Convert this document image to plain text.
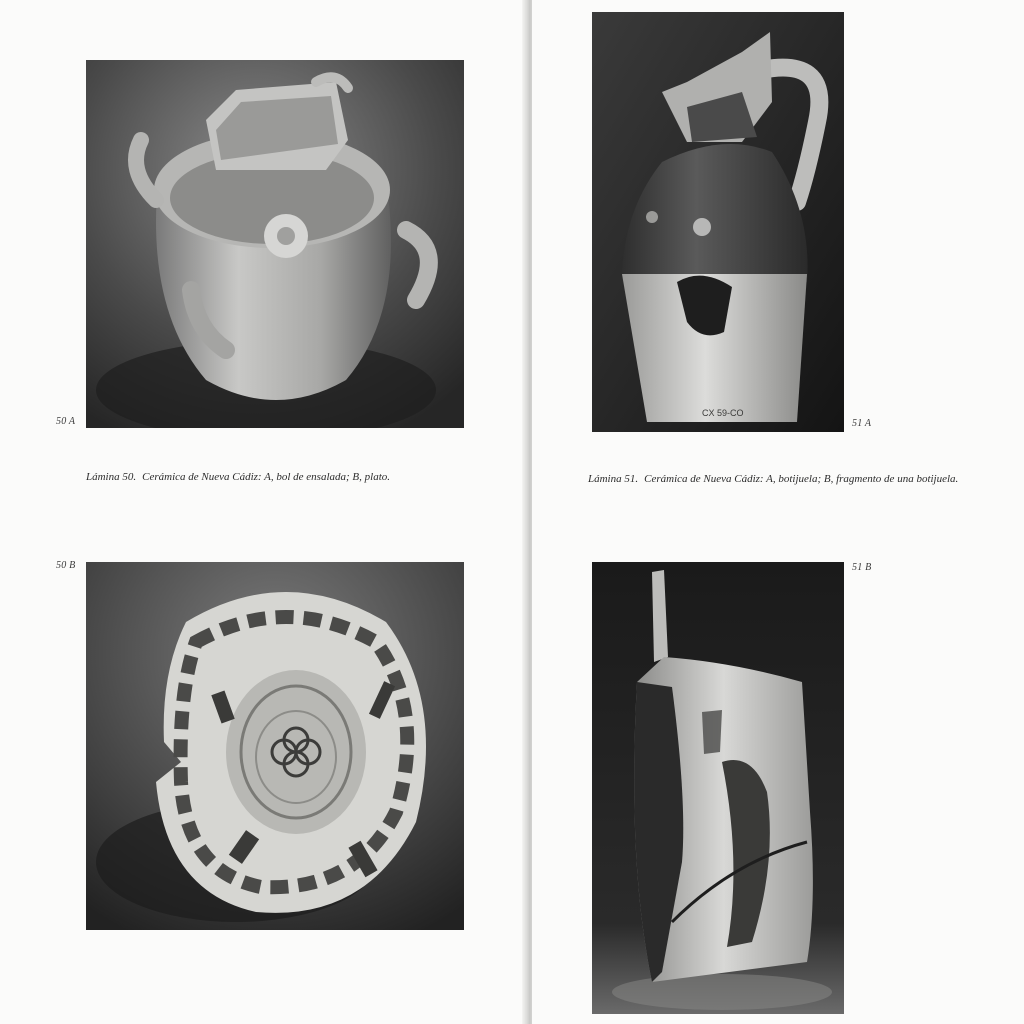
50 A
Lámina 50. Cerámica de Nueva Cádiz: A, bol de ensalada; B, plato.
50 B
CX 59-CO
51 A
Lámina 51. Cerámica de Nueva Cádiz: A, botijuela; B, fragmento de una botijuela.
51 B
